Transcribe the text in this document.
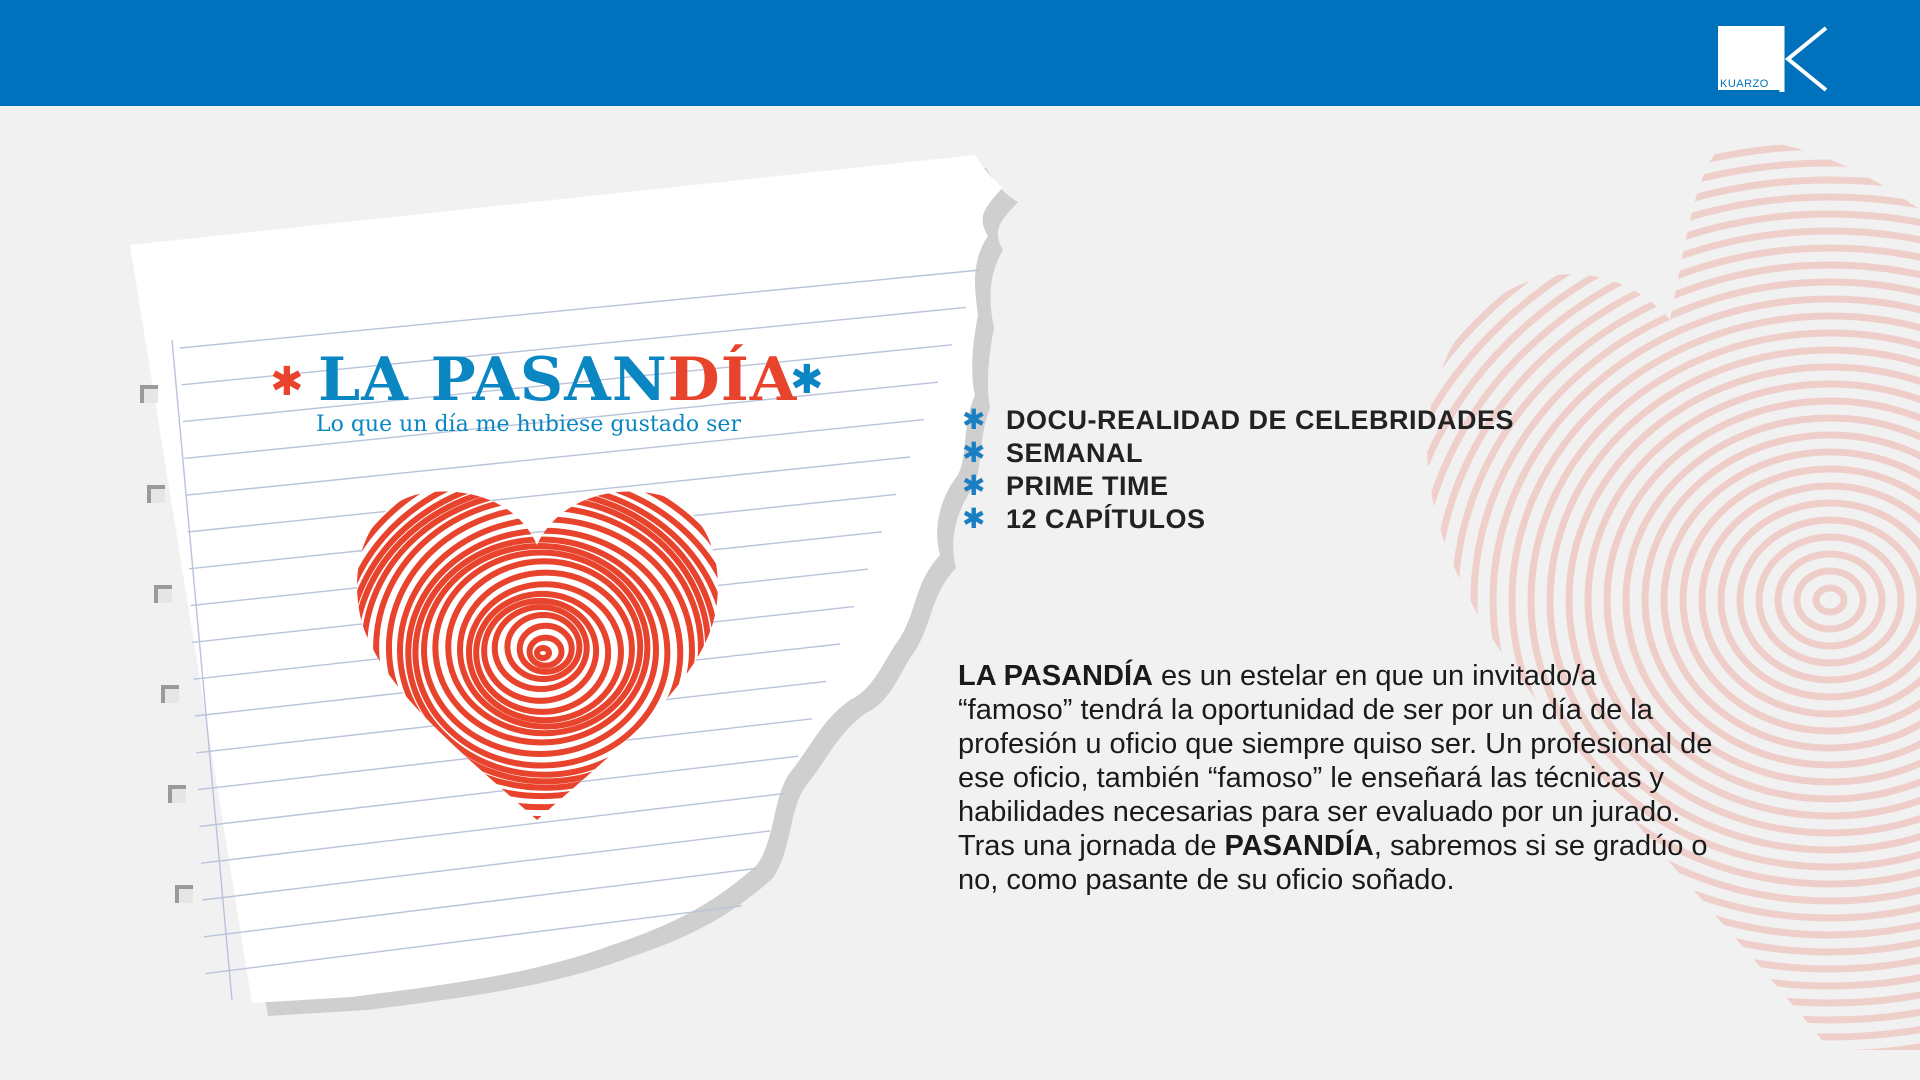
KUARZO
✱ LA PASANDÍA
✱
Lo que un día me hubiese gustado ser	✱ DOCU-REALIDAD DE CELEBRIDADES
✱ SEMANAL
✱ PRIME TIME
✱ 12 CAPÍTULOS

LA PASANDÍA es un estelar en que un invitado/a “famoso” tendrá la oportunidad de ser por un día de la profesión u oficio que siempre quiso ser. Un profesional de ese oficio, también “famoso” le enseñará las técnicas y habilidades necesarias para ser evaluado por un jurado. Tras una jornada de PASANDÍA, sabremos si se gradúo o no, como pasante de su oficio soñado.
